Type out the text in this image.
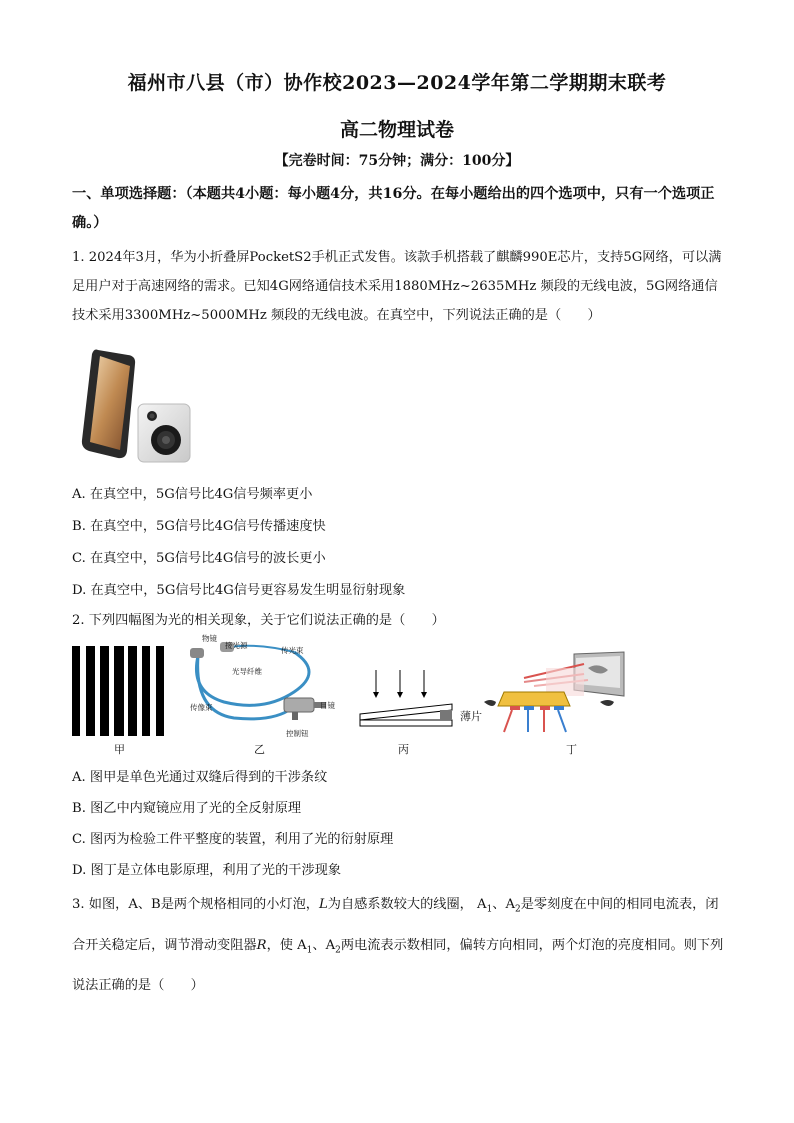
福州市八县（市）协作校2023—2024学年第二学期期末联考
高二物理试卷
【完卷时间：75分钟；满分：100分】
一、单项选择题：（本题共4小题：每小题4分，共16分。在每小题给出的四个选项中，只有一个选项正确。）
1. 2024年3月，华为小折叠屏PocketS2手机正式发售。该款手机搭载了麒麟990E芯片，支持5G网络，可以满足用户对于高速网络的需求。已知4G网络通信技术采用1880MHz~2635MHz 频段的无线电波，5G网络通信技术采用3300MHz~5000MHz 频段的无线电波。在真空中，下列说法正确的是（　　）
A. 在真空中，5G信号比4G信号频率更小
B. 在真空中，5G信号比4G信号传播速度快
C. 在真空中，5G信号比4G信号的波长更小
D. 在真空中，5G信号比4G信号更容易发生明显衍射现象
2. 下列四幅图为光的相关现象，关于它们说法正确的是（　　）
甲
物镜
接光源
传光束
光导纤维
传像束	目镜
控制钮
乙
薄片
丙	丁
A. 图甲是单色光通过双缝后得到的干涉条纹
B. 图乙中内窥镜应用了光的全反射原理
C. 图丙为检验工件平整度的装置，利用了光的衍射原理
D. 图丁是立体电影原理，利用了光的干涉现象
3. 如图，A、B是两个规格相同的小灯泡，L为自感系数较大的线圈， $A_1$、$A_2$是零刻度在中间的相同电流表，闭合开关稳定后，调节滑动变阻器R，使 $A_1$、$A_2$两电流表示数相同，偏转方向相同，两个灯泡的亮度相同。则下列说法正确的是（　　）
